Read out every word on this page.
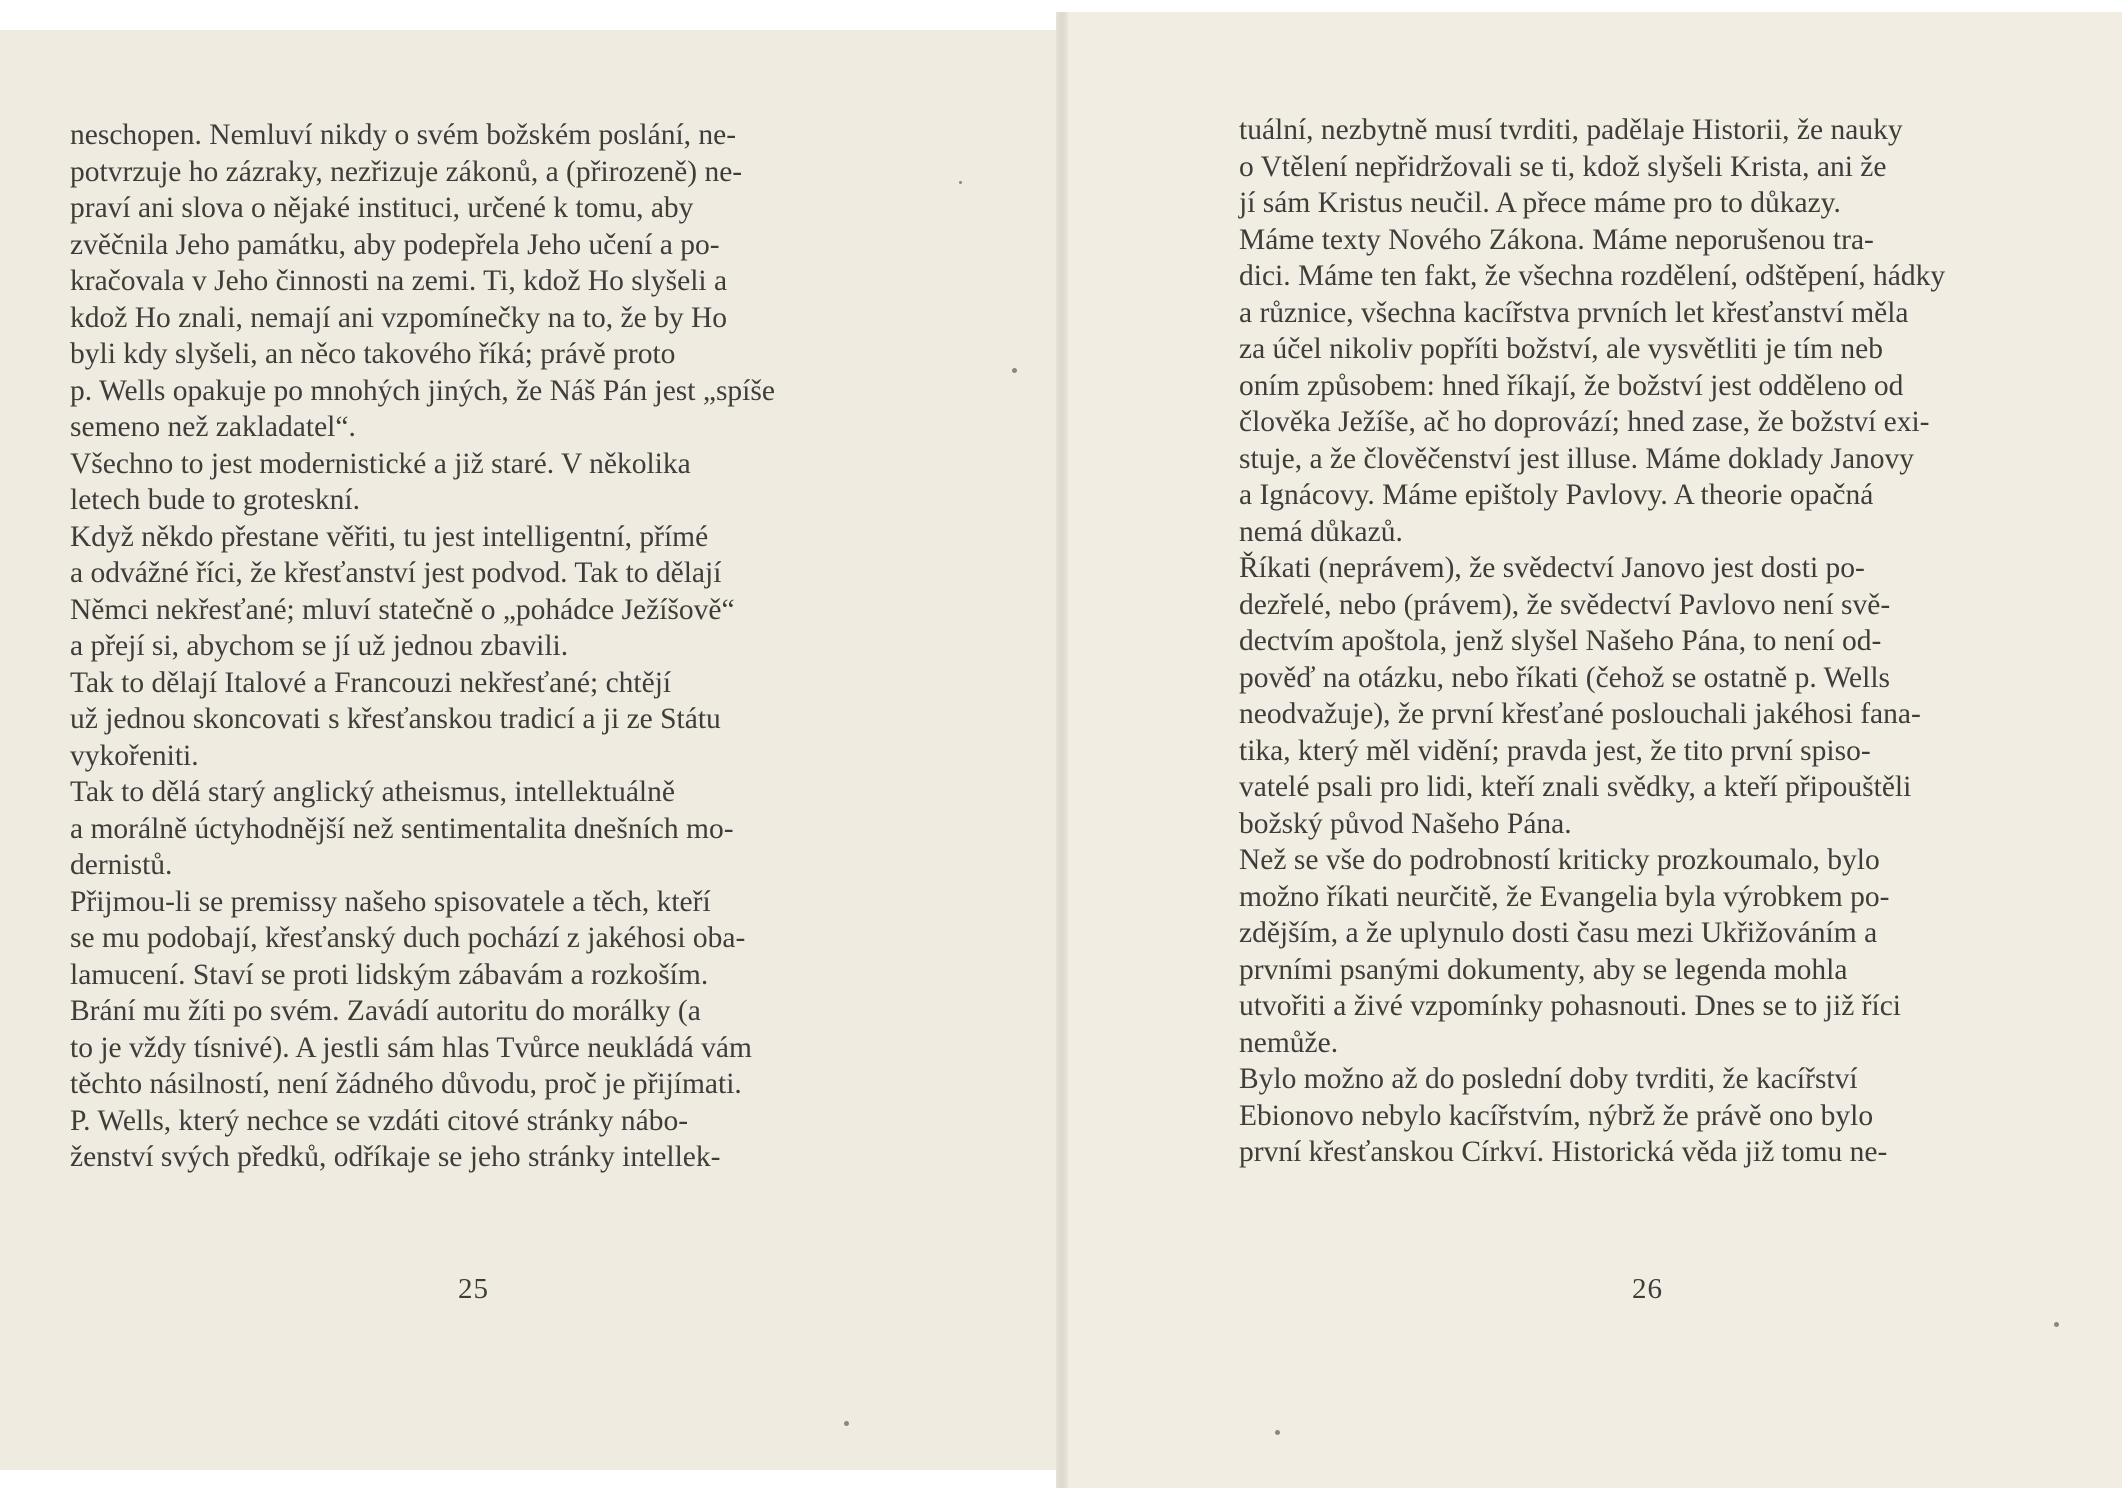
neschopen. Nemluví nikdy o svém božském poslání, ne-
potvrzuje ho zázraky, nezřizuje zákonů, a (přirozeně) ne-
praví ani slova o nějaké instituci, určené k tomu, aby
zvěčnila Jeho památku, aby podepřela Jeho učení a po-
kračovala v Jeho činnosti na zemi. Ti, kdož Ho slyšeli a
kdož Ho znali, nemají ani vzpomínečky na to, že by Ho
byli kdy slyšeli, an něco takového říká; právě proto
p. Wells opakuje po mnohých jiných, že Náš Pán jest „spíše
semeno než zakladatel“.
Všechno to jest modernistické a již staré. V několika
letech bude to groteskní.
Když někdo přestane věřiti, tu jest intelligentní, přímé
a odvážné říci, že křesťanství jest podvod. Tak to dělají
Němci nekřesťané; mluví statečně o „pohádce Ježíšově“
a přejí si, abychom se jí už jednou zbavili.
Tak to dělají Italové a Francouzi nekřesťané; chtějí
už jednou skoncovati s křesťanskou tradicí a ji ze Státu
vykořeniti.
Tak to dělá starý anglický atheismus, intellektuálně
a morálně úctyhodnější než sentimentalita dnešních mo-
dernistů.
Přijmou-li se premissy našeho spisovatele a těch, kteří
se mu podobají, křesťanský duch pochází z jakéhosi oba-
lamucení. Staví se proti lidským zábavám a rozkoším.
Brání mu žíti po svém. Zavádí autoritu do morálky (a
to je vždy tísnivé). A jestli sám hlas Tvůrce neukládá vám
těchto násilností, není žádného důvodu, proč je přijímati.
P. Wells, který nechce se vzdáti citové stránky nábo-
ženství svých předků, odříkaje se jeho stránky intellek-
tuální, nezbytně musí tvrditi, padělaje Historii, že nauky
o Vtělení nepřidržovali se ti, kdož slyšeli Krista, ani že
jí sám Kristus neučil. A přece máme pro to důkazy.
Máme texty Nového Zákona. Máme neporušenou tra-
dici. Máme ten fakt, že všechna rozdělení, odštěpení, hádky
a různice, všechna kacířstva prvních let křesťanství měla
za účel nikoliv popříti božství, ale vysvětliti je tím neb
oním způsobem: hned říkají, že božství jest odděleno od
člověka Ježíše, ač ho doprovází; hned zase, že božství exi-
stuje, a že člověčenství jest illuse. Máme doklady Janovy
a Ignácovy. Máme epištoly Pavlovy. A theorie opačná
nemá důkazů.
Říkati (neprávem), že svědectví Janovo jest dosti po-
dezřelé, nebo (právem), že svědectví Pavlovo není svě-
dectvím apoštola, jenž slyšel Našeho Pána, to není od-
pověď na otázku, nebo říkati (čehož se ostatně p. Wells
neodvažuje), že první křesťané poslouchali jakéhosi fana-
tika, který měl vidění; pravda jest, že tito první spiso-
vatelé psali pro lidi, kteří znali svědky, a kteří připouštěli
božský původ Našeho Pána.
Než se vše do podrobností kriticky prozkoumalo, bylo
možno říkati neurčitě, že Evangelia byla výrobkem po-
zdějším, a že uplynulo dosti času mezi Ukřižováním a
prvními psanými dokumenty, aby se legenda mohla
utvořiti a živé vzpomínky pohasnouti. Dnes se to již říci
nemůže.
Bylo možno až do poslední doby tvrditi, že kacířství
Ebionovo nebylo kacířstvím, nýbrž že právě ono bylo
první křesťanskou Církví. Historická věda již tomu ne-
25	26
